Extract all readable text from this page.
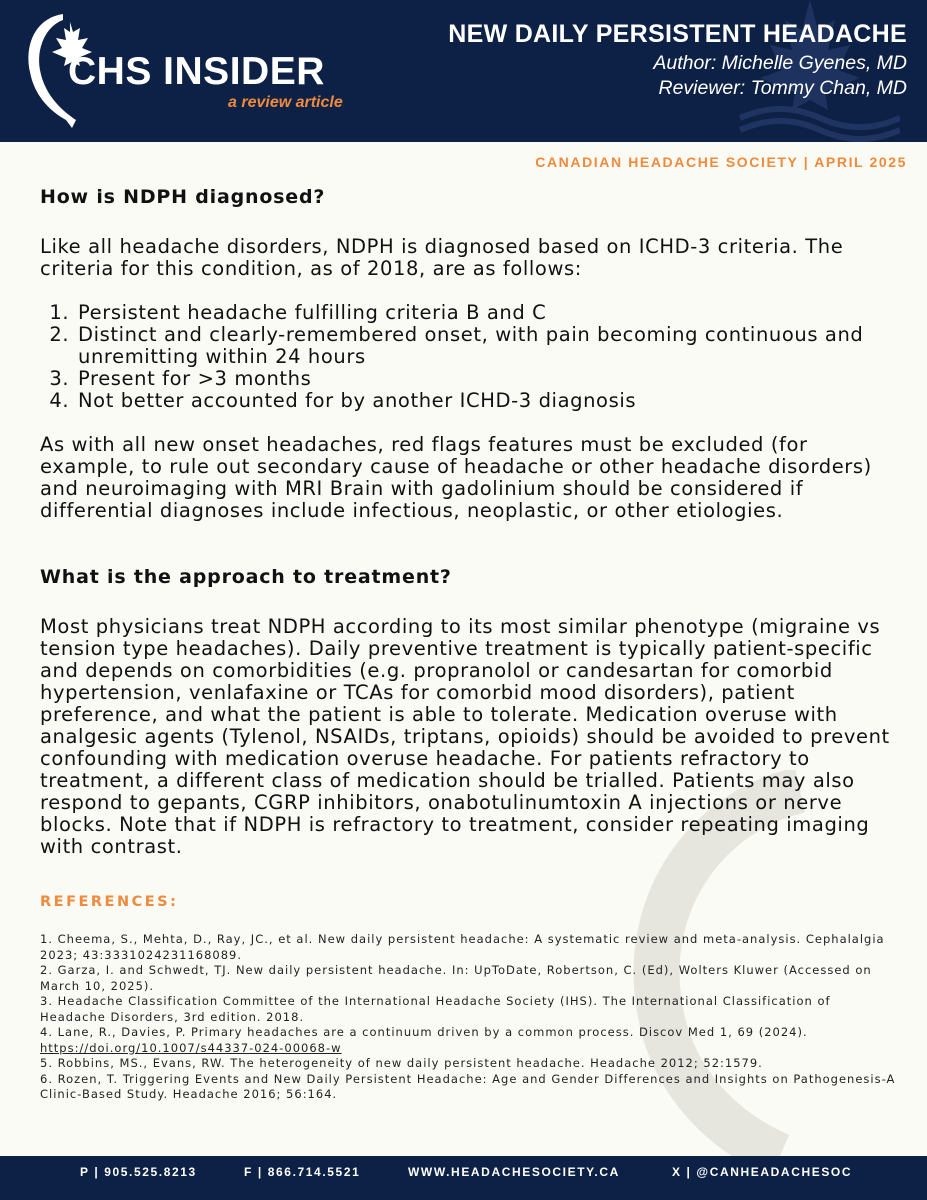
CHS INSIDER
a review article
NEW DAILY PERSISTENT HEADACHE
Author: Michelle Gyenes, MD
Reviewer: Tommy Chan, MD
CANADIAN HEADACHE SOCIETY | APRIL 2025
How is NDPH diagnosed?

Like all headache disorders, NDPH is diagnosed based on ICHD-3 criteria. The criteria for this condition, as of 2018, are as follows:

1. Persistent headache fulfilling criteria B and C
2. Distinct and clearly-remembered onset, with pain becoming continuous and unremitting within 24 hours
3. Present for >3 months
4. Not better accounted for by another ICHD-3 diagnosis

As with all new onset headaches, red flags features must be excluded (for example, to rule out secondary cause of headache or other headache disorders) and neuroimaging with MRI Brain with gadolinium should be considered if differential diagnoses include infectious, neoplastic, or other etiologies.

What is the approach to treatment?

Most physicians treat NDPH according to its most similar phenotype (migraine vs tension type headaches). Daily preventive treatment is typically patient-specific and depends on comorbidities (e.g. propranolol or candesartan for comorbid hypertension, venlafaxine or TCAs for comorbid mood disorders), patient preference, and what the patient is able to tolerate. Medication overuse with analgesic agents (Tylenol, NSAIDs, triptans, opioids) should be avoided to prevent confounding with medication overuse headache. For patients refractory to treatment, a different class of medication should be trialled. Patients may also respond to gepants, CGRP inhibitors, onabotulinumtoxin A injections or nerve blocks. Note that if NDPH is refractory to treatment, consider repeating imaging with contrast.

REFERENCES:
1. Cheema, S., Mehta, D., Ray, JC., et al. New daily persistent headache: A systematic review and meta-analysis. Cephalalgia 2023; 43:3331024231168089.
2. Garza, I. and Schwedt, TJ. New daily persistent headache. In: UpToDate, Robertson, C. (Ed), Wolters Kluwer (Accessed on March 10, 2025).
3. Headache Classification Committee of the International Headache Society (IHS). The International Classification of Headache Disorders, 3rd edition. 2018.
4. Lane, R., Davies, P. Primary headaches are a continuum driven by a common process. Discov Med 1, 69 (2024).
https://doi.org/10.1007/s44337-024-00068-w
5. Robbins, MS., Evans, RW. The heterogeneity of new daily persistent headache. Headache 2012; 52:1579.
6. Rozen, T. Triggering Events and New Daily Persistent Headache: Age and Gender Differences and Insights on Pathogenesis-A Clinic-Based Study. Headache 2016; 56:164.
P | 905.525.8213	F | 866.714.5521	WWW.HEADACHESOCIETY.CA	X | @CANHEADACHESOC
